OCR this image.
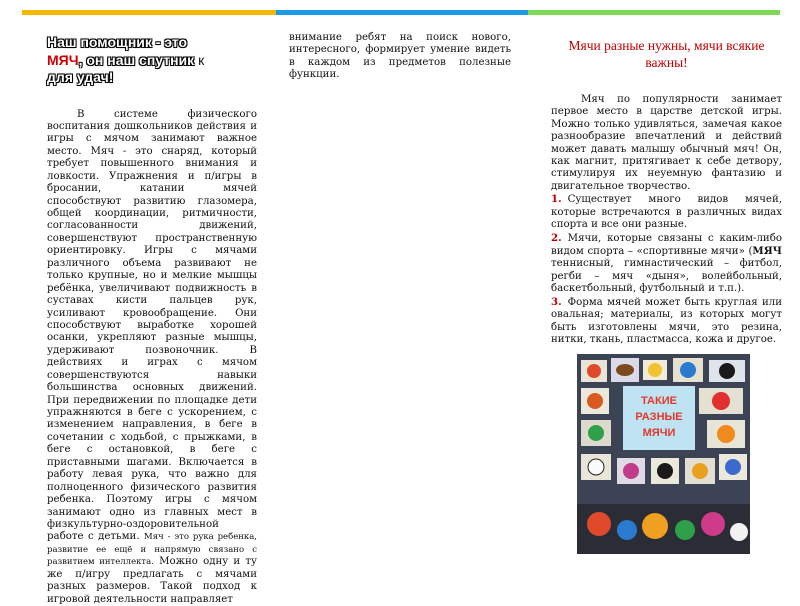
Наш помощник - это
МЯЧ, он наш спутник к
для удач!

В системе физического воспитания дошкольников действия и игры с мячом занимают важное место. Мяч - это снаряд, который требует повышенного внимания и ловкости. Упражнения и п/игры в бросании, катании мячей способствуют развитию глазомера, общей координации, ритмичности, согласованности движений, совершенствуют пространственную ориентировку. Игры с мячами различного объема развивают не только крупные, но и мелкие мышцы ребёнка, увеличивают подвижность в суставах кисти пальцев рук, усиливают кровообращение. Они способствуют выработке хорошей осанки, укрепляют разные мышцы, удерживают позвоночник. В действиях и играх с мячом совершенствуются навыки большинства основных движений. При передвижении по площадке дети упражняются в беге с ускорением, с изменением направления, в беге в сочетании с ходьбой, с прыжками, в беге с остановкой, в беге с приставными шагами. Включается в работу левая рука, что важно для полноценного физического развития ребенка. Поэтому игры с мячом занимают одно из главных мест в физкультурно-оздоровительной работе с детьми. Мяч - это рука ребенка, развитие ее ещё и напрямую связано с развитием интеллекта. Можно одну и ту же п/игру предлагать с мячами разных размеров. Такой подход к игровой деятельности направляет

внимание ребят на поиск нового, интересного, формирует умение видеть в каждом из предметов полезные функции.

Мячи разные нужны, мячи всякие важны!

Мяч по популярности занимает первое место в царстве детской игры. Можно только удивляться, замечая какое разнообразие впечатлений и действий может давать малышу обычный мяч! Он, как магнит, притягивает к себе детвору, стимулируя их неуемную фантазию и двигательное творчество.

1. Существует много видов мячей, которые встречаются в различных видах спорта и все они разные.

2. Мячи, которые связаны с каким-либо видом спорта – «спортивные мячи» (МЯЧ теннисный, гимнастический – фитбол, регби – мяч «дыня», волейбольный, баскетбольный, футбольный и т.п.).

3. Форма мячей может быть круглая или овальная; материалы, из которых могут быть изготовлены мячи, это резина, нитки, ткань, пластмасса, кожа и другое.

ТАКИЕ
РАЗНЫЕ
МЯЧИ
